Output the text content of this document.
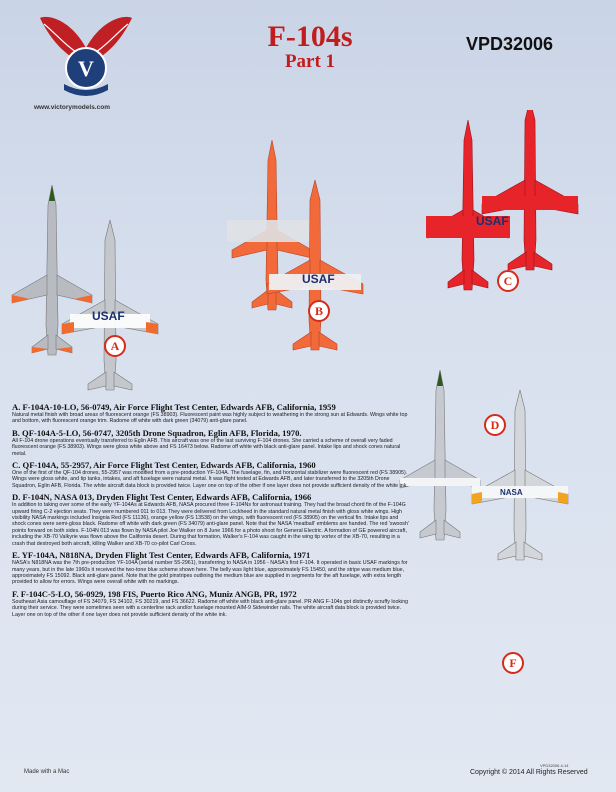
V
www.victorymodels.com
F-104s
Part 1
VPD32006
USAF
USAF
USAF
NASA
A
B
C
D
F
A. F-104A-10-LO, 56-0749, Air Force Flight Test Center, Edwards AFB, California, 1959

Natural metal finish with broad areas of fluorescent orange (FS 38903). Fluorescent paint was highly subject to weathering in the strong sun at Edwards. Wings white top and bottom, with fluorescent orange trim. Radome off white with dark green (34079) anti-glare panel.

B. QF-104A-5-LO, 56-0747, 3205th Drone Squadron, Eglin AFB, Florida, 1970.

All F-104 drone operations eventually transferred to Eglin AFB. This aircraft was one of the last surviving F-104 drones. She carried a scheme of overall very faded fluorescent orange (FS 38903). Wings were gloss white above and FS 16473 below. Radome off white with black anti-glare panel. Intake lips and shock cones natural metal.

C. QF-104A, 55-2957, Air Force Flight Test Center, Edwards AFB, California, 1960

One of the first of the QF-104 drones, 55-2957 was modified from a pre-production YF-104A. The fuselage, fin, and horizontal stabilizer were fluorescent red (FS 38905). Wings were gloss white, and tip tanks, intakes, and aft fuselage were natural metal. It was flight tested at Edwards AFB, and later transferred to the 3205th Drone Squadron, Eglin AFB, Florida. The white aircraft data block is provided twice. Layer one on top of the other if one layer does not provide sufficient density of the white ink.

D. F-104N, NASA 013, Dryden Flight Test Center, Edwards AFB, California, 1966

In addition to taking over some of the early YF-104As at Edwards AFB, NASA procured three F-104Ns for astronaut training. They had the broad chord fin of the F-104G upward firing C-2 ejection seats. They were numbered 011 to 013. They were delivered from Lockheed in the standard natural metal finish with gloss white wings. High visibility NASA markings included Insignia Red (FS 11136), orange yellow (FS 13538) on the wings, with fluorescent red (FS 38905) on the vertical fin. Intake lips and shock cones were semi-gloss black. Radome off white with dark green (FS 34079) anti-glare panel. Note that the NASA 'meatball' emblems are handed. The red 'swoosh' points forward on both sides. F-104N 013 was flown by NASA pilot Joe Walker on 8 June 1966 for a photo shoot for General Electric. A formation of GE powered aircraft, including the XB-70 Valkyrie was flown above the California desert. During that formation, Walker's F-104 was caught in the wing tip vortex of the XB-70, resulting in a crash that destroyed both aircraft, killing Walker and XB-70 co-pilot Carl Cross.

E. YF-104A, N818NA, Dryden Flight Test Center, Edwards AFB, California, 1971

NASA's N818NA was the 7th pre-production YF-104A (serial number 55-2961), transferring to NASA in 1956 - NASA's first F-104. It operated in basic USAF markings for many years, but in the late 1960s it received the two-tone blue scheme shown here. The belly was light blue, approximately FS 15450, and the stripe was medium blue, approximately FS 15092. Black anti-glare panel. Note that the gold pinstripes outlining the medium blue are supplied in segments for the aft fuselage, with extra length provided to allow for errors. Wings were overall white with no markings.

F. F-104C-5-LO, 56-0929, 198 FIS, Puerto Rico ANG, Muniz ANGB, PR, 1972

Southeast Asia camouflage of FS 34079, FS 34102, FS 30219, and FS 36622. Radome off white with black anti-glare panel. PR ANG F-104s got distinctly scruffy looking during their service. They were sometimes seen with a centerline rack and/or fuselage mounted AIM-9 Sidewinder rails. The white aircraft data block is provided twice. Layer one on top of the other if one layer does not provide sufficient density of the white ink.

Made with a Mac
VPD32006 4-14
Copyright © 2014 All Rights Reserved
